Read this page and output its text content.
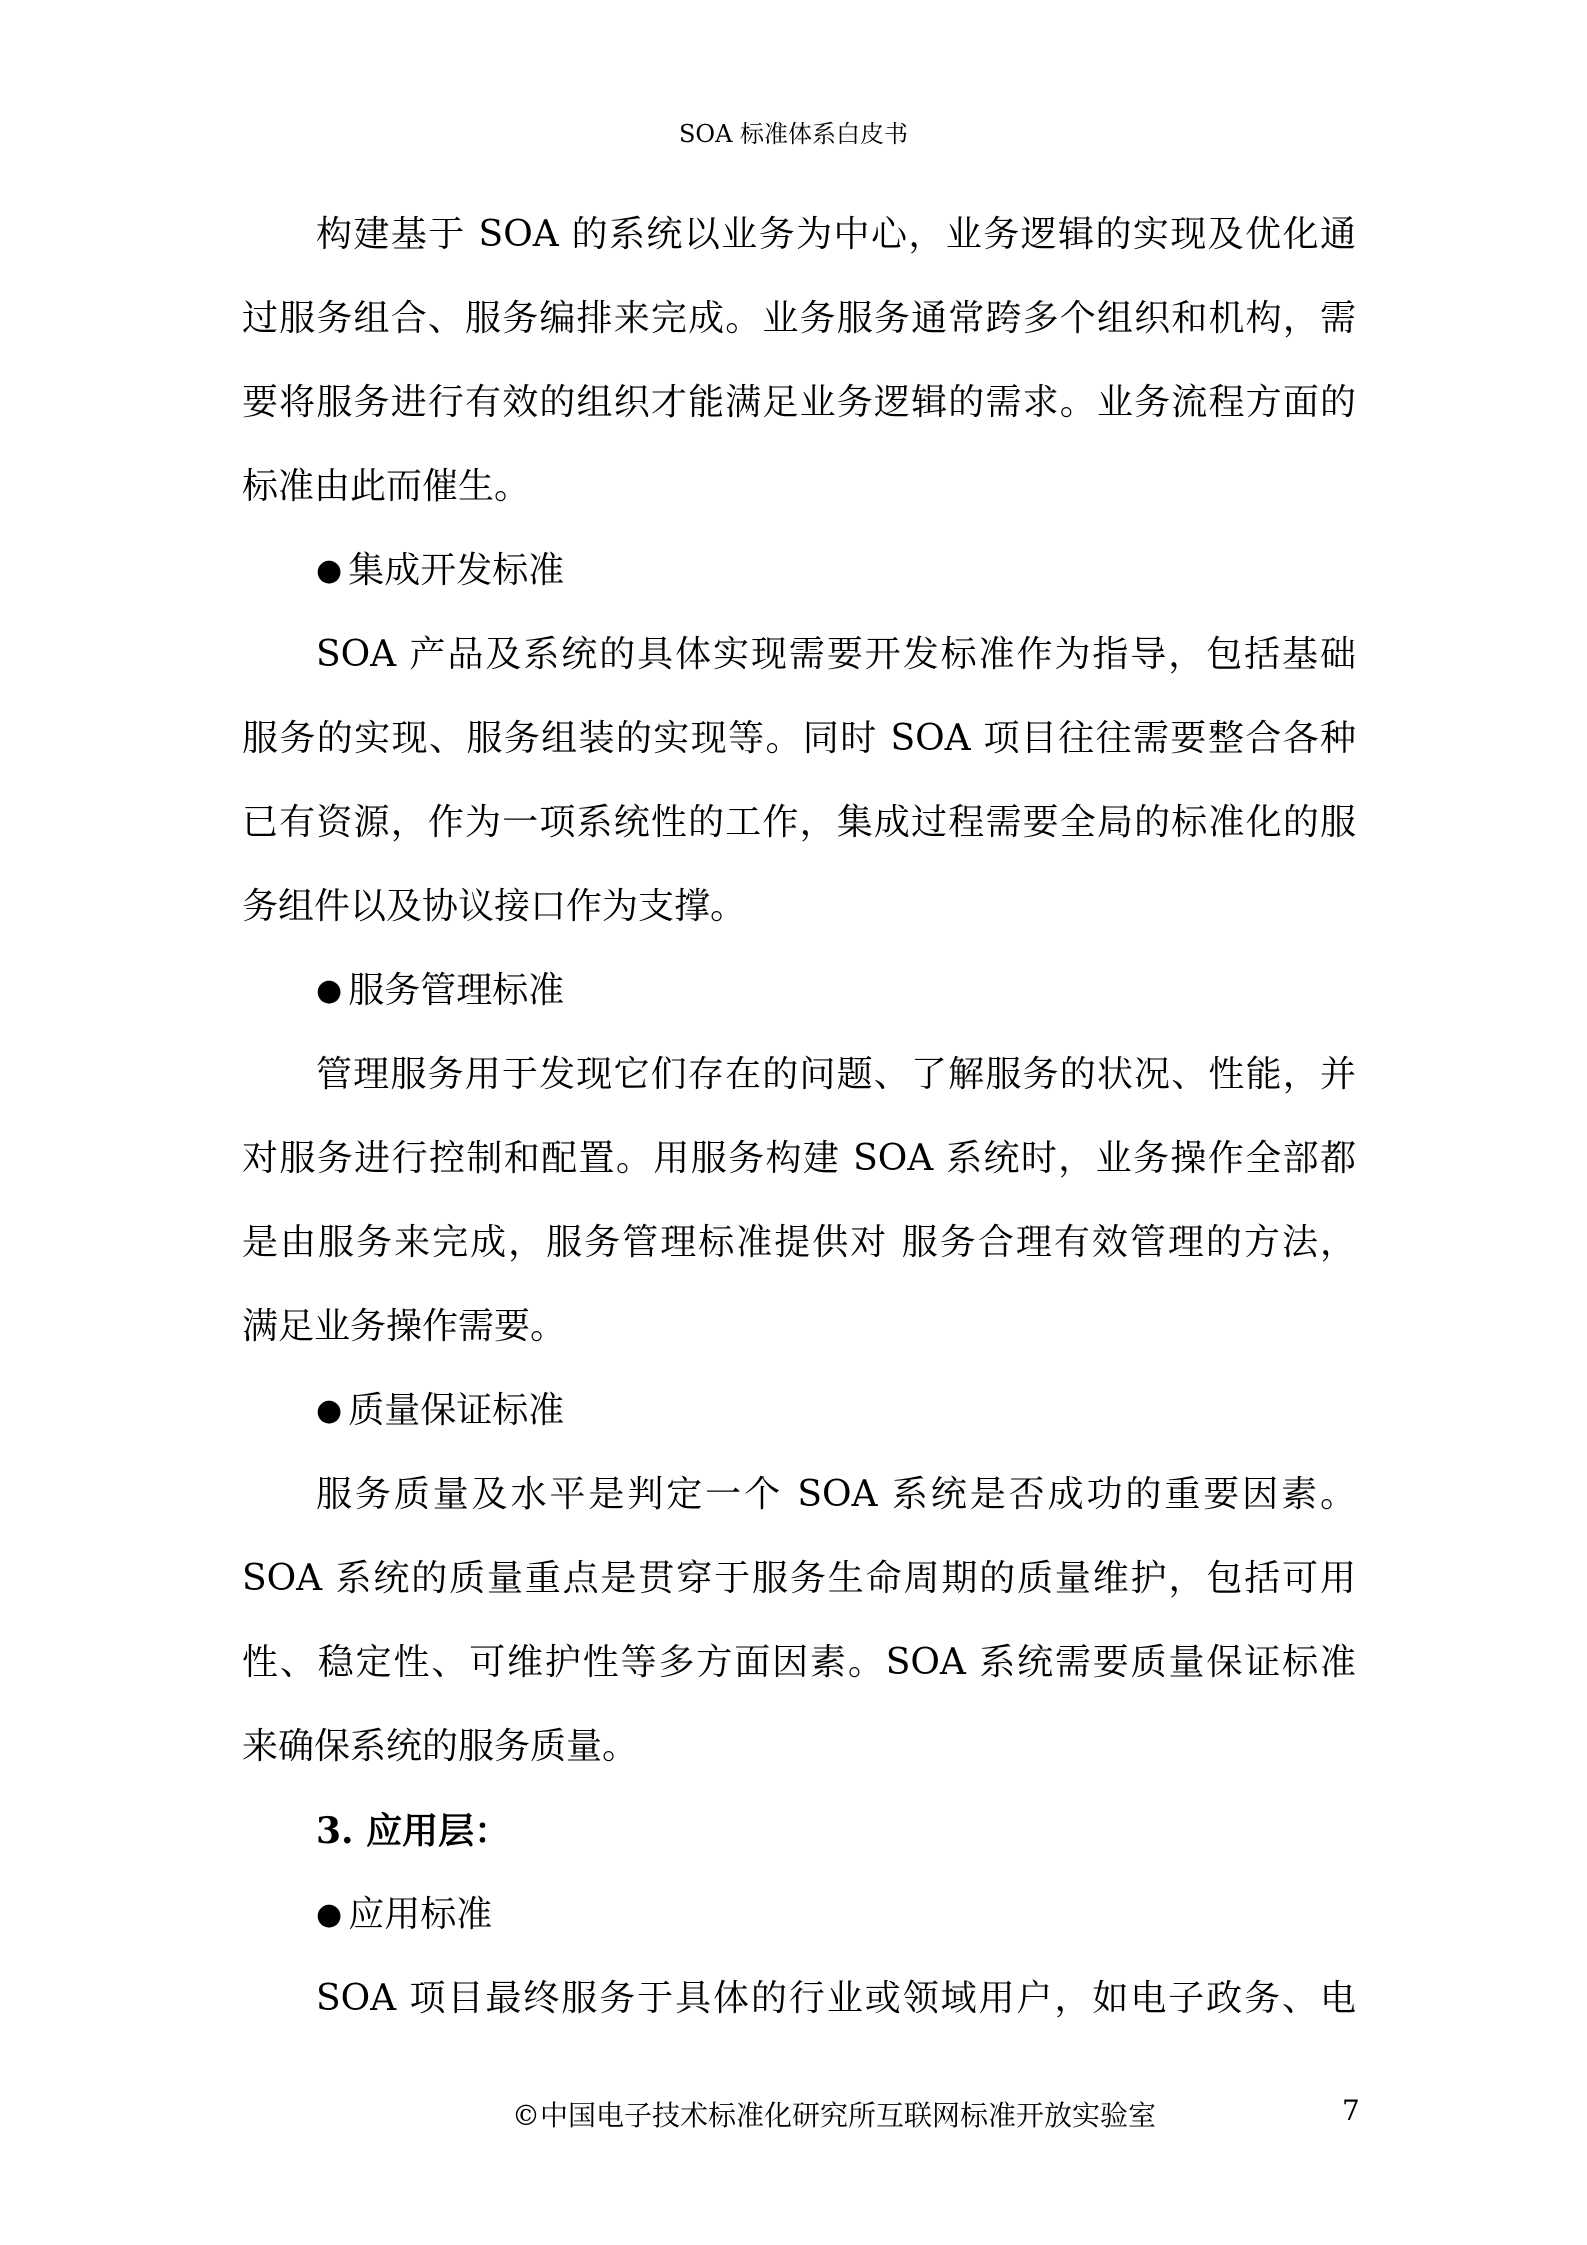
SOA 标准体系白皮书
构建基于 SOA 的系统以业务为中心，业务逻辑的实现及优化通
过服务组合、服务编排来完成。业务服务通常跨多个组织和机构，需
要将服务进行有效的组织才能满足业务逻辑的需求。业务流程方面的
标准由此而催生。
● 集成开发标准
SOA 产品及系统的具体实现需要开发标准作为指导，包括基础
服务的实现、服务组装的实现等。同时 SOA 项目往往需要整合各种
已有资源，作为一项系统性的工作，集成过程需要全局的标准化的服
务组件以及协议接口作为支撑。
● 服务管理标准
管理服务用于发现它们存在的问题、了解服务的状况、性能，并
对服务进行控制和配置。用服务构建 SOA 系统时，业务操作全部都
是由服务来完成，服务管理标准提供对 服务合理有效管理的方法，
满足业务操作需要。
● 质量保证标准
服务质量及水平是判定一个 SOA 系统是否成功的重要因素。
SOA 系统的质量重点是贯穿于服务生命周期的质量维护，包括可用
性、稳定性、可维护性等多方面因素。SOA 系统需要质量保证标准
来确保系统的服务质量。
3. 应用层：
● 应用标准
SOA 项目最终服务于具体的行业或领域用户，如电子政务、电
©中国电子技术标准化研究所互联网标准开放实验室	7
